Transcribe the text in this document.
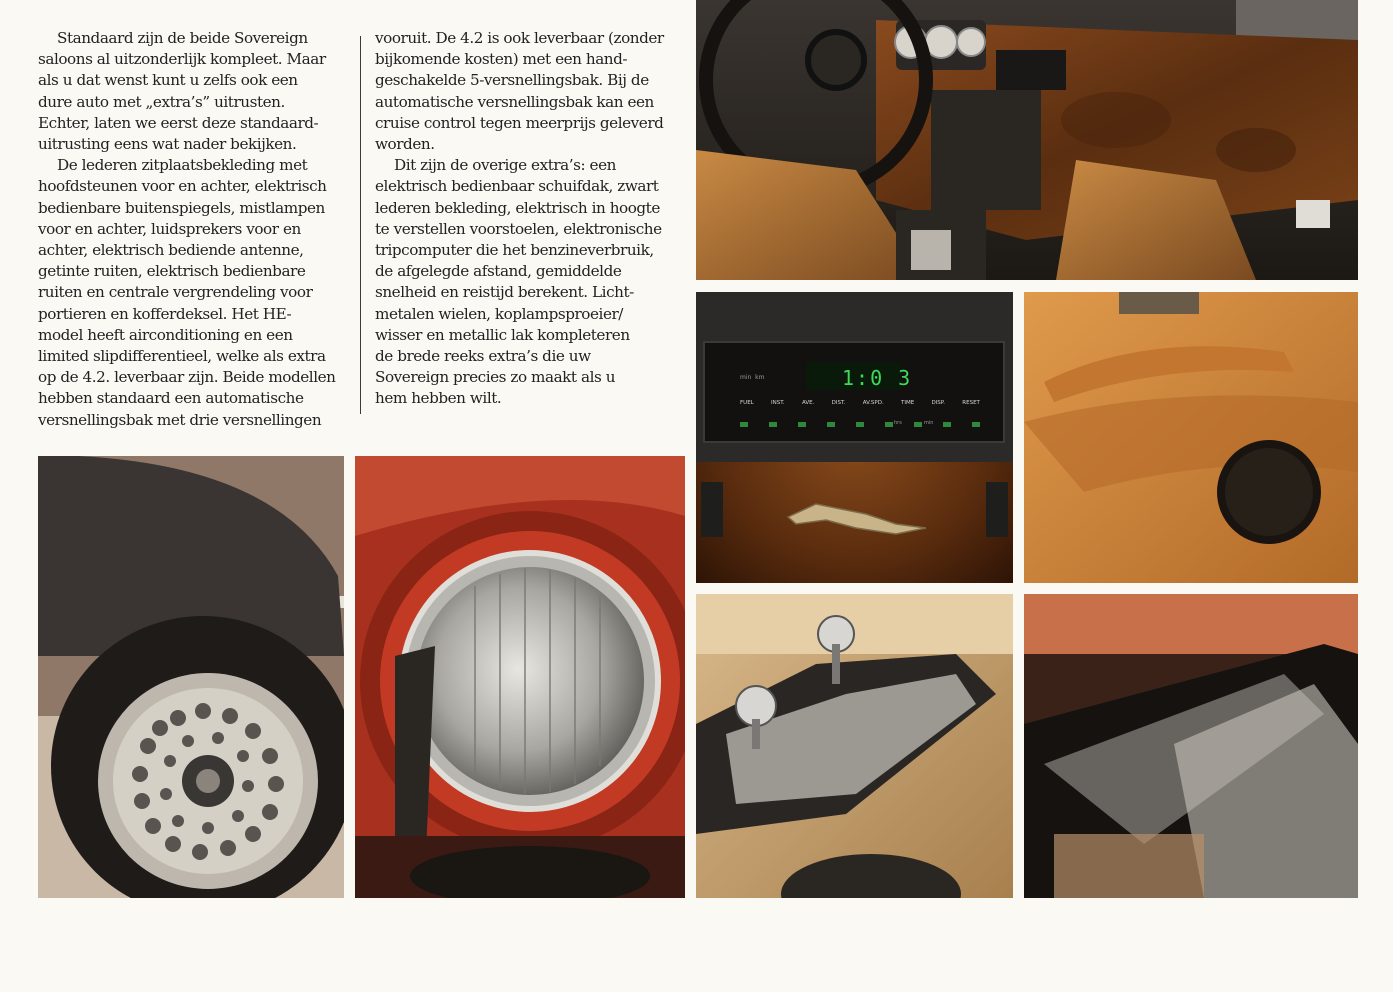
Standaard zijn de beide Sovereign

saloons al uitzonderlijk kompleet. Maar

als u dat wenst kunt u zelfs ook een

dure auto met „extra’s” uitrusten.

Echter, laten we eerst deze standaard-

uitrusting eens wat nader bekijken.

De lederen zitplaatsbekleding met

hoofdsteunen voor en achter, elektrisch

bedienbare buitenspiegels, mistlampen

voor en achter, luidsprekers voor en

achter, elektrisch bediende antenne,

getinte ruiten, elektrisch bedienbare

ruiten en centrale vergrendeling voor

portieren en kofferdeksel. Het HE-

model heeft airconditioning en een

limited slipdifferentieel, welke als extra

op de 4.2. leverbaar zijn. Beide modellen

hebben standaard een automatische

versnellingsbak met drie versnellingen

vooruit. De 4.2 is ook leverbaar (zonder

bijkomende kosten) met een hand-

geschakelde 5-versnellingsbak. Bij de

automatische versnellingsbak kan een

cruise control tegen meerprijs geleverd

worden.

Dit zijn de overige extra’s: een

elektrisch bedienbaar schuifdak, zwart

lederen bekleding, elektrisch in hoogte

te verstellen voorstoelen, elektronische

tripcomputer die het benzineverbruik,

de afgelegde afstand, gemiddelde

snelheid en reistijd berekent. Licht-

metalen wielen, koplampsproeier/

wisser en metallic lak kompleteren

de brede reeks extra’s die uw

Sovereign precies zo maakt als u

hem hebben wilt.

1:0 3
min  km
FUEL	INST.	AVE.	DIST.	AV.SPD.	TIME	DISP.	RESET
hrs	min
